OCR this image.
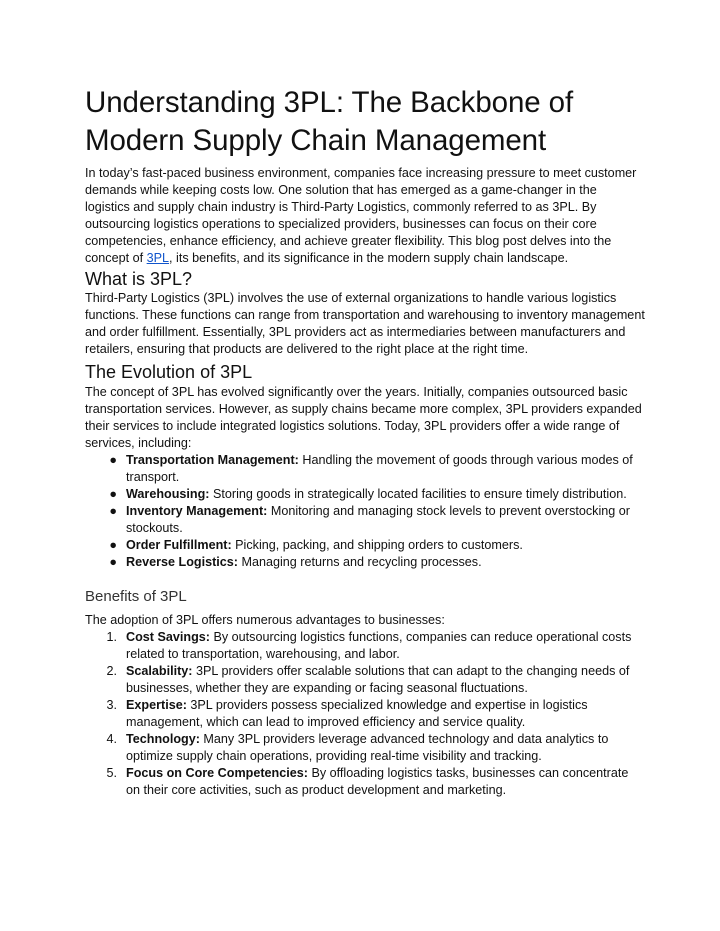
Understanding 3PL: The Backbone of Modern Supply Chain Management

In today’s fast-paced business environment, companies face increasing pressure to meet customer demands while keeping costs low. One solution that has emerged as a game-changer in the logistics and supply chain industry is Third-Party Logistics, commonly referred to as 3PL. By outsourcing logistics operations to specialized providers, businesses can focus on their core competencies, enhance efficiency, and achieve greater flexibility. This blog post delves into the concept of 3PL, its benefits, and its significance in the modern supply chain landscape.

What is 3PL?

Third-Party Logistics (3PL) involves the use of external organizations to handle various logistics functions. These functions can range from transportation and warehousing to inventory management and order fulfillment. Essentially, 3PL providers act as intermediaries between manufacturers and retailers, ensuring that products are delivered to the right place at the right time.

The Evolution of 3PL

The concept of 3PL has evolved significantly over the years. Initially, companies outsourced basic transportation services. However, as supply chains became more complex, 3PL providers expanded their services to include integrated logistics solutions. Today, 3PL providers offer a wide range of services, including:

● Transportation Management: Handling the movement of goods through various modes of transport.
● Warehousing: Storing goods in strategically located facilities to ensure timely distribution.
● Inventory Management: Monitoring and managing stock levels to prevent overstocking or stockouts.
● Order Fulfillment: Picking, packing, and shipping orders to customers.
● Reverse Logistics: Managing returns and recycling processes.
Benefits of 3PL

The adoption of 3PL offers numerous advantages to businesses:

1. Cost Savings: By outsourcing logistics functions, companies can reduce operational costs related to transportation, warehousing, and labor.
2. Scalability: 3PL providers offer scalable solutions that can adapt to the changing needs of businesses, whether they are expanding or facing seasonal fluctuations.
3. Expertise: 3PL providers possess specialized knowledge and expertise in logistics management, which can lead to improved efficiency and service quality.
4. Technology: Many 3PL providers leverage advanced technology and data analytics to optimize supply chain operations, providing real-time visibility and tracking.
5. Focus on Core Competencies: By offloading logistics tasks, businesses can concentrate on their core activities, such as product development and marketing.
